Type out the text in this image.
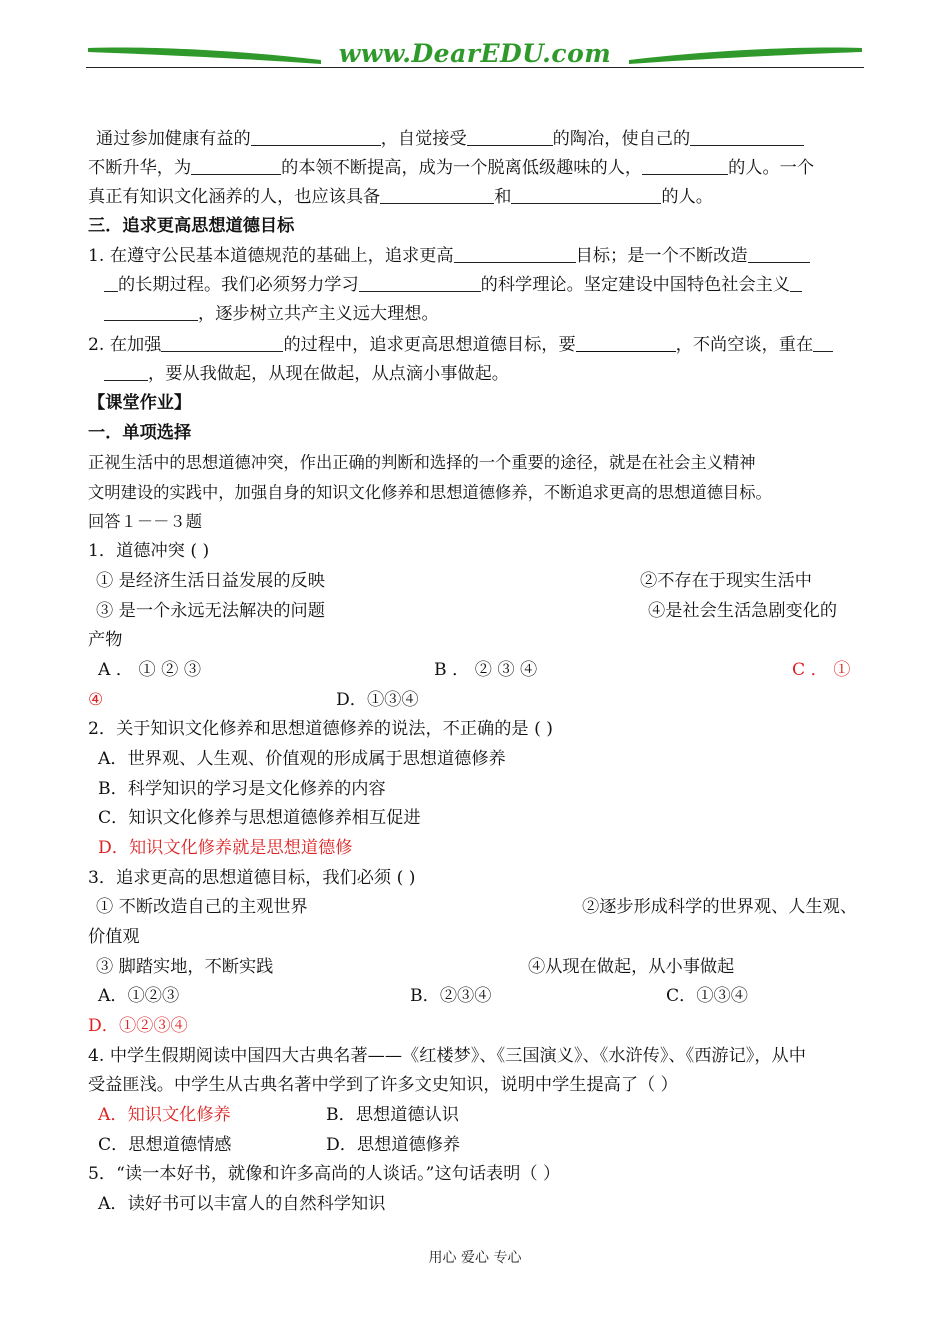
www.DearEDU.com
通过参加健康有益的	，自觉接受	的陶冶，使自己的
不断升华，为	的本领不断提高，成为一个脱离低级趣味的人，	的人。一个
真正有知识文化涵养的人，也应该具备	和	的人。
三．追求更高思想道德目标
1. 在遵守公民基本道德规范的基础上，追求更高	目标；是一个不断改造
的长期过程。我们必须努力学习	的科学理论。坚定建设中国特色社会主义
，逐步树立共产主义远大理想。
2. 在加强	的过程中，追求更高思想道德目标，要	，不尚空谈，重在
，要从我做起，从现在做起，从点滴小事做起。
【课堂作业】
一．单项选择
正视生活中的思想道德冲突，作出正确的判断和选择的一个重要的途径，就是在社会主义精神
文明建设的实践中，加强自身的知识文化修养和思想道德修养，不断追求更高的思想道德目标。
回答１－－３题
1．道德冲突 ( )
① 是经济生活日益发展的反映	②不存在于现实生活中
③ 是一个永远无法解决的问题	④是社会生活急剧变化的
产物
A ． ① ② ③	B ． ② ③ ④	C ． ①
④	D．①③④
2．关于知识文化修养和思想道德修养的说法，不正确的是 ( )
A．世界观、人生观、价值观的形成属于思想道德修养
B．科学知识的学习是文化修养的内容
C．知识文化修养与思想道德修养相互促进
D．知识文化修养就是思想道德修
3．追求更高的思想道德目标，我们必须 ( )
① 不断改造自己的主观世界	②逐步形成科学的世界观、人生观、
价值观
③ 脚踏实地，不断实践	④从现在做起，从小事做起
A．①②③	B．②③④	C．①③④
D．①②③④
4. 中学生假期阅读中国四大古典名著——《红楼梦》、《三国演义》、《水浒传》、《西游记》，从中
受益匪浅。中学生从古典名著中学到了许多文史知识，说明中学生提高了（ ）
A．知识文化修养	B．思想道德认识
C．思想道德情感	D．思想道德修养
5．“读一本好书，就像和许多高尚的人谈话。”这句话表明（ ）
A．读好书可以丰富人的自然科学知识
用心 爱心 专心
